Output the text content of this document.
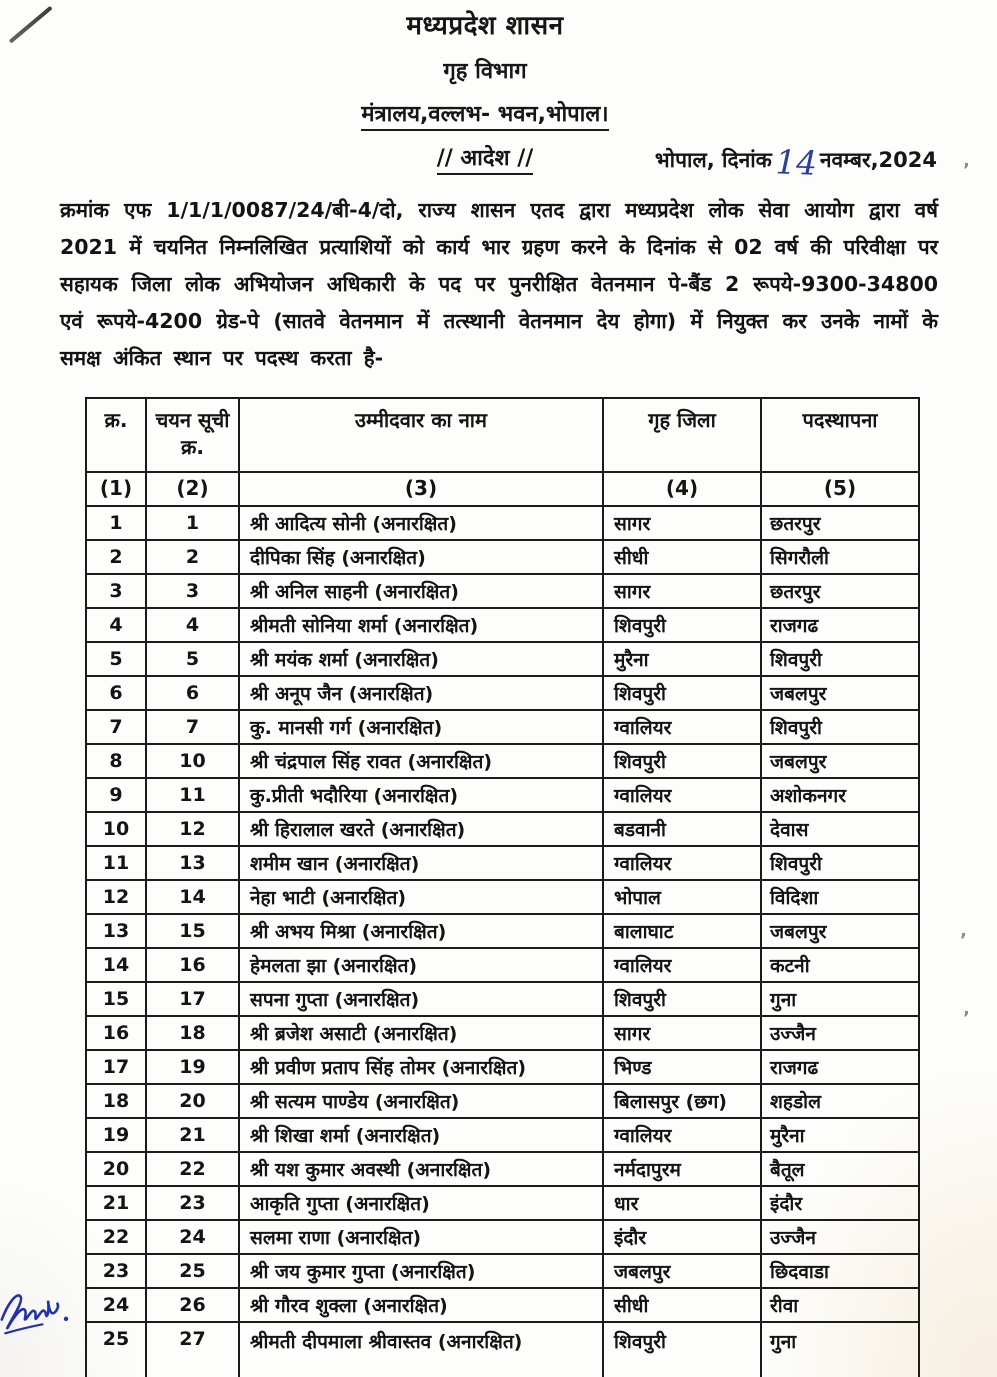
मध्यप्रदेश शासन
गृह विभाग
मंत्रालय,वल्लभ- भवन,भोपाल।
// आदेश //	भोपाल, दिनांक 14
नवम्बर,2024
क्रमांक एफ 1/1/1/0087/24/बी-4/दो, राज्य शासन एतद द्वारा मध्यप्रदेश लोक सेवा आयोग द्वारा वर्ष 2021 में चयनित निम्नलिखित प्रत्याशियों को कार्य भार ग्रहण करने के दिनांक से 02 वर्ष की परिवीक्षा पर सहायक जिला लोक अभियोजन अधिकारी के पद पर पुनरीक्षित वेतनमान पे-बैंड 2 रूपये-9300-34800 एवं रूपये-4200 ग्रेड-पे (सातवे वेतनमान में तत्स्थानी वेतनमान देय होगा) में नियुक्त कर उनके नामों के समक्ष अंकित स्थान पर पदस्थ करता है-
क्र.	चयन सूची क्र.	उम्मीदवार का नाम	गृह जिला	पदस्थापना
(1)	(2)	(3)	(4)	(5)
1	1	श्री आदित्य सोनी (अनारक्षित)	सागर	छतरपुर
2	2	दीपिका सिंह (अनारक्षित)	सीधी	सिगरौली
3	3	श्री अनिल साहनी (अनारक्षित)	सागर	छतरपुर
4	4	श्रीमती सोनिया शर्मा (अनारक्षित)	शिवपुरी	राजगढ
5	5	श्री मयंक शर्मा (अनारक्षित)	मुरैना	शिवपुरी
6	6	श्री अनूप जैन (अनारक्षित)	शिवपुरी	जबलपुर
7	7	कु. मानसी गर्ग (अनारक्षित)	ग्वालियर	शिवपुरी
8	10	श्री चंद्रपाल सिंह रावत (अनारक्षित)	शिवपुरी	जबलपुर
9	11	कु.प्रीती भदौरिया (अनारक्षित)	ग्वालियर	अशोकनगर
10	12	श्री हिरालाल खरते (अनारक्षित)	बडवानी	देवास
11	13	शमीम खान (अनारक्षित)	ग्वालियर	शिवपुरी
12	14	नेहा भाटी (अनारक्षित)	भोपाल	विदिशा
13	15	श्री अभय मिश्रा (अनारक्षित)	बालाघाट	जबलपुर
14	16	हेमलता झा (अनारक्षित)	ग्वालियर	कटनी
15	17	सपना गुप्ता (अनारक्षित)	शिवपुरी	गुना
16	18	श्री ब्रजेश असाटी (अनारक्षित)	सागर	उज्जैन
17	19	श्री प्रवीण प्रताप सिंह तोमर (अनारक्षित)	भिण्ड	राजगढ
18	20	श्री सत्यम पाण्डेय (अनारक्षित)	बिलासपुर (छग)	शहडोल
19	21	श्री शिखा शर्मा (अनारक्षित)	ग्वालियर	मुरैना
20	22	श्री यश कुमार अवस्थी (अनारक्षित)	नर्मदापुरम	बैतूल
21	23	आकृति गुप्ता (अनारक्षित)	धार	इंदौर
22	24	सलमा राणा (अनारक्षित)	इंदौर	उज्जैन
23	25	श्री जय कुमार गुप्ता (अनारक्षित)	जबलपुर	छिदवाडा
24	26	श्री गौरव शुक्ला (अनारक्षित)	सीधी	रीवा
25	27	श्रीमती दीपमाला श्रीवास्तव (अनारक्षित)	शिवपुरी	गुना
’
’
’
